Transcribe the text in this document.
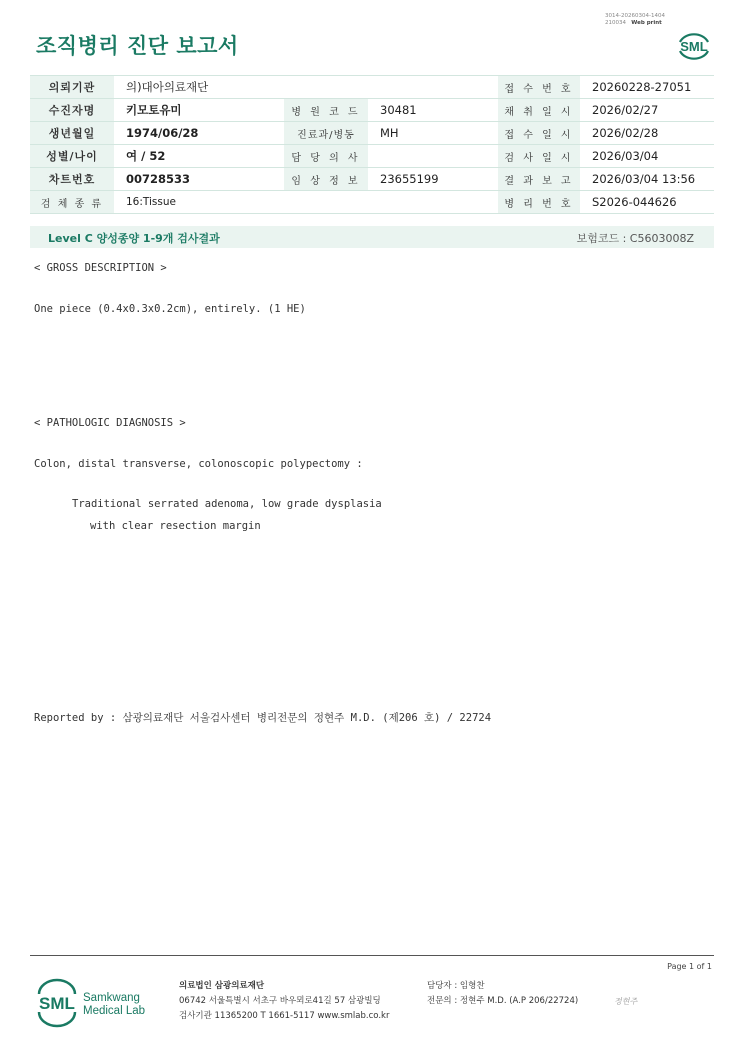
조직병리 진단 보고서
3014-20260304-1404
210034 Web print
SML
의뢰기관	의)대아의료재단			접 수 번 호	20260228-27051
수진자명	키모토유미	병 원 코 드	30481	채 취 일 시	2026/02/27
생년월일	1974/06/28	진료과/병동	MH	접 수 일 시	2026/02/28
성별/나이	여 / 52	담 당 의 사		검 사 일 시	2026/03/04
차트번호	00728533	임 상 정 보	23655199	결 과 보 고	2026/03/04 13:56
검 체 종 류	16:Tissue			병 리 번 호	S2026-044626
Level C 양성종양 1-9개 검사결과	보험코드 : C5603008Z
< GROSS DESCRIPTION >
One piece (0.4x0.3x0.2cm), entirely. (1 HE)
< PATHOLOGIC DIAGNOSIS >
Colon, distal transverse, colonoscopic polypectomy :
Traditional serrated adenoma, low grade dysplasia
with clear resection margin
Reported by : 삼광의료재단 서울검사센터 병리전문의 정현주 M.D. (제206 호) / 22724
Page 1 of 1
SML Samkwang
Medical Lab
의료법인 삼광의료재단
06742 서울특별시 서초구 바우뫼로41길 57 삼광빌딩
검사기관 11365200 T 1661-5117 www.smlab.co.kr
담당자 : 임형찬
전문의 : 정현주 M.D. (A.P 206/22724)	정현주
